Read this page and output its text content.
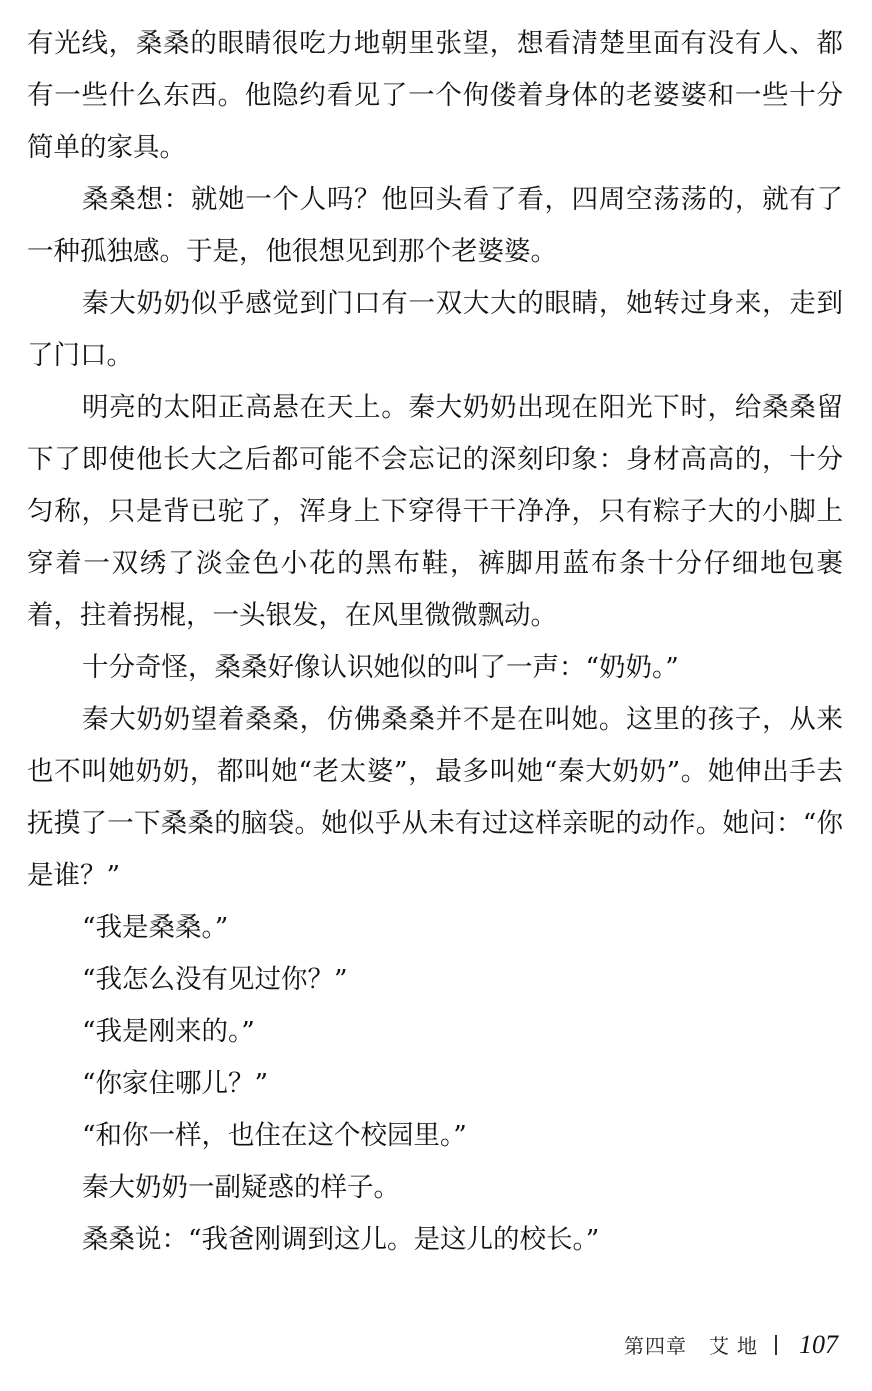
有光线，桑桑的眼睛很吃力地朝里张望，想看清楚里面有没有人、都有一些什么东西。他隐约看见了一个佝偻着身体的老婆婆和一些十分简单的家具。

桑桑想：就她一个人吗？他回头看了看，四周空荡荡的，就有了一种孤独感。于是，他很想见到那个老婆婆。

秦大奶奶似乎感觉到门口有一双大大的眼睛，她转过身来，走到了门口。

明亮的太阳正高悬在天上。秦大奶奶出现在阳光下时，给桑桑留下了即使他长大之后都可能不会忘记的深刻印象：身材高高的，十分匀称，只是背已驼了，浑身上下穿得干干净净，只有粽子大的小脚上穿着一双绣了淡金色小花的黑布鞋，裤脚用蓝布条十分仔细地包裹着，拄着拐棍，一头银发，在风里微微飘动。

十分奇怪，桑桑好像认识她似的叫了一声：“奶奶。”

秦大奶奶望着桑桑，仿佛桑桑并不是在叫她。这里的孩子，从来也不叫她奶奶，都叫她“老太婆”，最多叫她“秦大奶奶”。她伸出手去抚摸了一下桑桑的脑袋。她似乎从未有过这样亲昵的动作。她问：“你是谁？”

“我是桑桑。”

“我怎么没有见过你？”

“我是刚来的。”

“你家住哪儿？”

“和你一样，也住在这个校园里。”

秦大奶奶一副疑惑的样子。

桑桑说：“我爸刚调到这儿。是这儿的校长。”

第四章 艾地 107
